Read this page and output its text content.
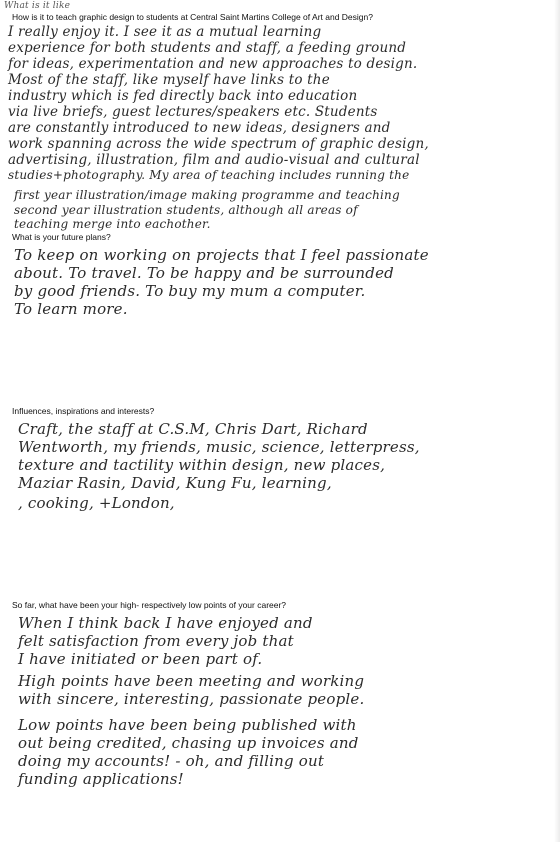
What is it like
How is it to teach graphic design to students at Central Saint Martins College of Art and Design?
I really enjoy it. I see it as a mutual learning
experience for both students and staff, a feeding ground
for ideas, experimentation and new approaches to design.
Most of the staff, like myself have links to the
industry which is fed directly back into education
via live briefs, guest lectures/speakers etc. Students
are constantly introduced to new ideas, designers and
work spanning across the wide spectrum of graphic design,
advertising, illustration, film and audio-visual and cultural
studies+photography. My area of teaching includes running the
first year illustration/image making programme and teaching
second year illustration students, although all areas of
teaching merge into eachother.
What is your future plans?
To keep on working on projects that I feel passionate
about. To travel. To be happy and be surrounded
by good friends. To buy my mum a computer.
To learn more.
Influences, inspirations and interests?
Craft, the staff at C.S.M, Chris Dart, Richard
Wentworth, my friends, music, science, letterpress,
texture and tactility within design, new places,
Maziar Rasin, David, Kung Fu, learning,
, cooking, +London,
So far, what have been your high- respectively low points of your career?
When I think back I have enjoyed and
felt satisfaction from every job that
I have initiated or been part of.
High points have been meeting and working
with sincere, interesting, passionate people.
Low points have been being published with
out being credited, chasing up invoices and
doing my accounts! - oh, and filling out
funding applications!
